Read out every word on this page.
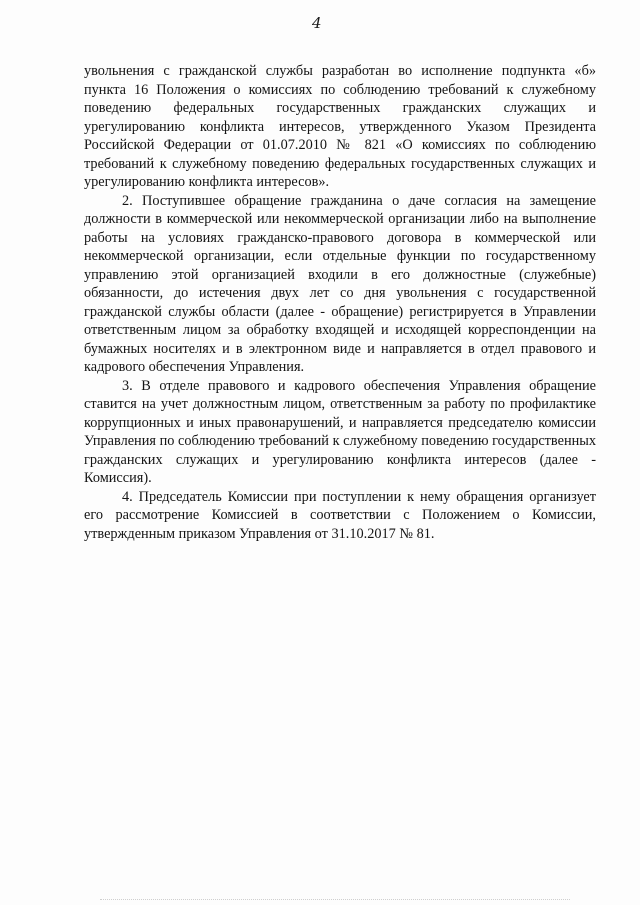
4

увольнения с гражданской службы разработан во исполнение подпункта «б» пункта 16 Положения о комиссиях по соблюдению требований к служебному поведению федеральных государственных гражданских служащих и урегулированию конфликта интересов, утвержденного Указом Президента Российской Федерации от 01.07.2010 № 821 «О комиссиях по соблюдению требований к служебному поведению федеральных государственных служащих и урегулированию конфликта интересов».

2. Поступившее обращение гражданина о даче согласия на замещение должности в коммерческой или некоммерческой организации либо на выполнение работы на условиях гражданско-правового договора в коммерческой или некоммерческой организации, если отдельные функции по государственному управлению этой организацией входили в его должностные (служебные) обязанности, до истечения двух лет со дня увольнения с государственной гражданской службы области (далее - обращение) регистрируется в Управлении ответственным лицом за обработку входящей и исходящей корреспонденции на бумажных носителях и в электронном виде и направляется в отдел правового и кадрового обеспечения Управления.

3. В отделе правового и кадрового обеспечения Управления обращение ставится на учет должностным лицом, ответственным за работу по профилактике коррупционных и иных правонарушений, и направляется председателю комиссии Управления по соблюдению требований к служебному поведению государственных гражданских служащих и урегулированию конфликта интересов (далее - Комиссия).

4. Председатель Комиссии при поступлении к нему обращения организует его рассмотрение Комиссией в соответствии с Положением о Комиссии, утвержденным приказом Управления от 31.10.2017 № 81.
